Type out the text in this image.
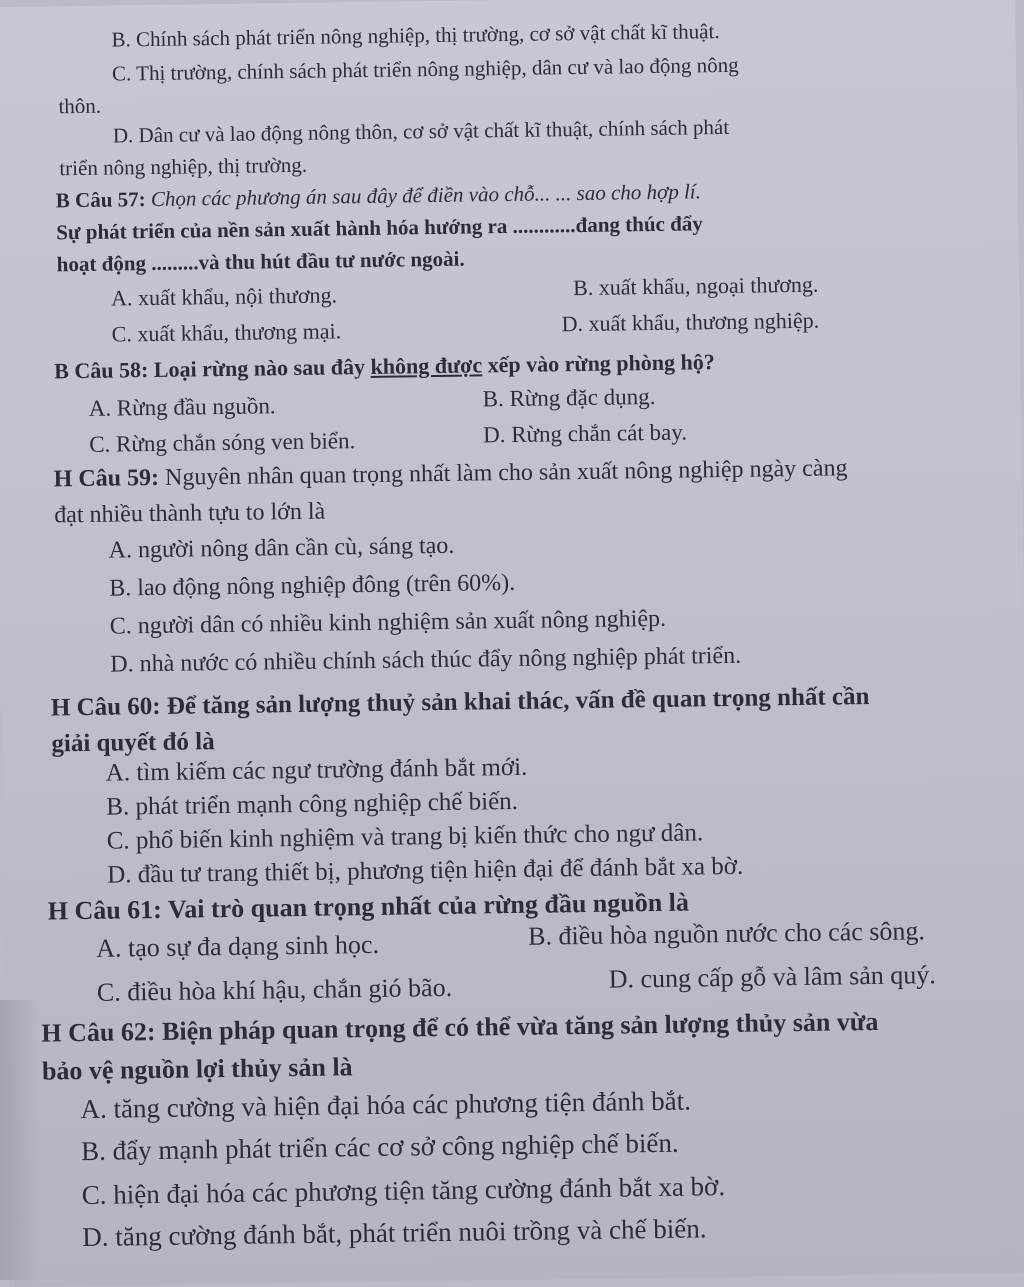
B. Chính sách phát triển nông nghiệp, thị trường, cơ sở vật chất kĩ thuật.
C. Thị trường, chính sách phát triển nông nghiệp, dân cư và lao động nông
thôn.
D. Dân cư và lao động nông thôn, cơ sở vật chất kĩ thuật, chính sách phát
triển nông nghiệp, thị trường.
B Câu 57: Chọn các phương án sau đây để điền vào chỗ... ... sao cho hợp lí.
Sự phát triển của nền sản xuất hành hóa hướng ra ............đang thúc đẩy
hoạt động .........và thu hút đầu tư nước ngoài.
A. xuất khẩu, nội thương.	B. xuất khẩu, ngoại thương.
C. xuất khẩu, thương mại.	D. xuất khẩu, thương nghiệp.
B Câu 58: Loại rừng nào sau đây không được xếp vào rừng phòng hộ?
A. Rừng đầu nguồn.	B. Rừng đặc dụng.
C. Rừng chắn sóng ven biển.	D. Rừng chắn cát bay.
H Câu 59: Nguyên nhân quan trọng nhất làm cho sản xuất nông nghiệp ngày càng
đạt nhiều thành tựu to lớn là
A. người nông dân cần cù, sáng tạo.
B. lao động nông nghiệp đông (trên 60%).
C. người dân có nhiều kinh nghiệm sản xuất nông nghiệp.
D. nhà nước có nhiều chính sách thúc đẩy nông nghiệp phát triển.
H Câu 60: Để tăng sản lượng thuỷ sản khai thác, vấn đề quan trọng nhất cần
giải quyết đó là
A. tìm kiếm các ngư trường đánh bắt mới.
B. phát triển mạnh công nghiệp chế biến.
C. phổ biến kinh nghiệm và trang bị kiến thức cho ngư dân.
D. đầu tư trang thiết bị, phương tiện hiện đại để đánh bắt xa bờ.
H Câu 61: Vai trò quan trọng nhất của rừng đầu nguồn là
A. tạo sự đa dạng sinh học.	B. điều hòa nguồn nước cho các sông.
C. điều hòa khí hậu, chắn gió bão.	D. cung cấp gỗ và lâm sản quý.
H Câu 62: Biện pháp quan trọng để có thể vừa tăng sản lượng thủy sản vừa
bảo vệ nguồn lợi thủy sản là
A. tăng cường và hiện đại hóa các phương tiện đánh bắt.
B. đẩy mạnh phát triển các cơ sở công nghiệp chế biến.
C. hiện đại hóa các phương tiện tăng cường đánh bắt xa bờ.
D. tăng cường đánh bắt, phát triển nuôi trồng và chế biến.
